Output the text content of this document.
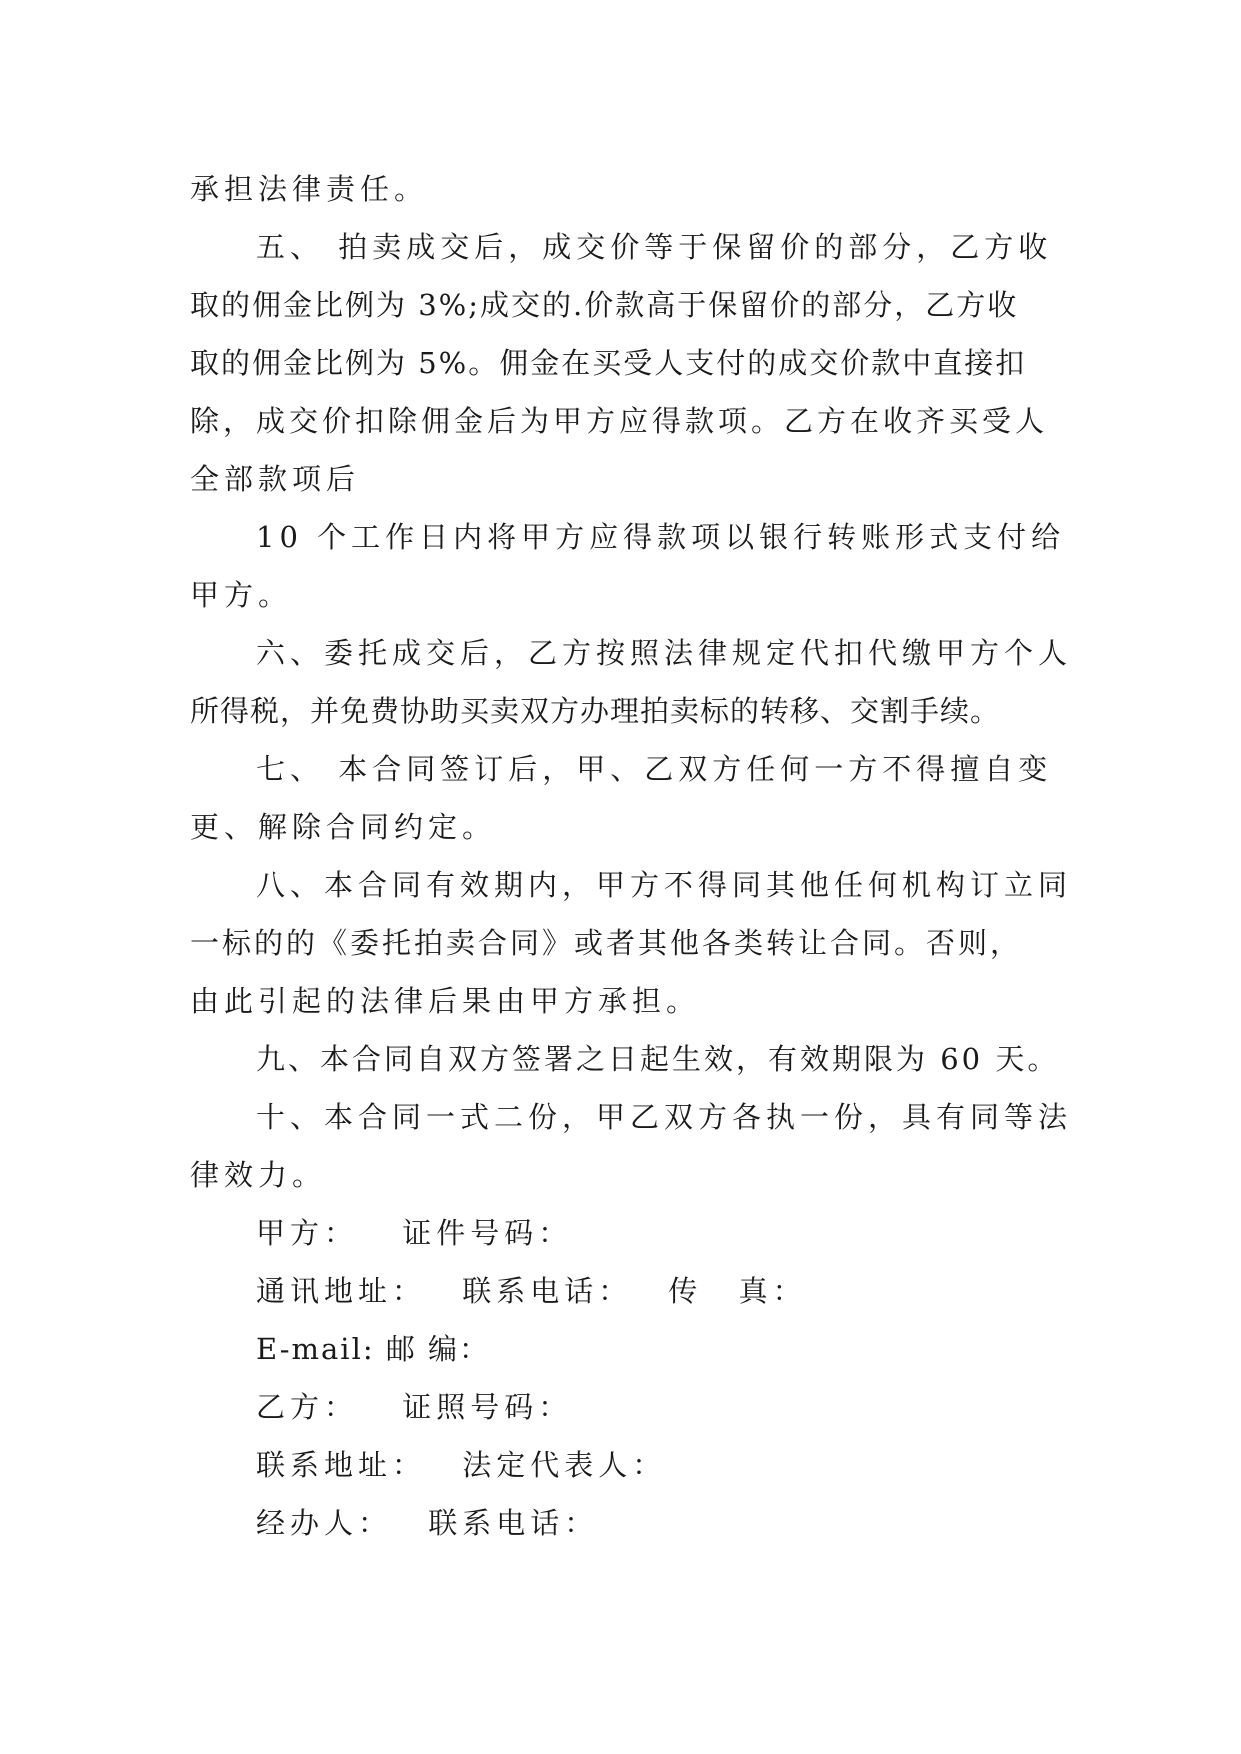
承担法律责任。

五、 拍卖成交后，成交价等于保留价的部分，乙方收

取的佣金比例为 3%;成交的.价款高于保留价的部分，乙方收

取的佣金比例为 5%。佣金在买受人支付的成交价款中直接扣

除，成交价扣除佣金后为甲方应得款项。乙方在收齐买受人

全部款项后

10 个工作日内将甲方应得款项以银行转账形式支付给

甲方。

六、委托成交后，乙方按照法律规定代扣代缴甲方个人

所得税，并免费协助买卖双方办理拍卖标的转移、交割手续。

七、 本合同签订后，甲、乙双方任何一方不得擅自变

更、解除合同约定。

八、本合同有效期内，甲方不得同其他任何机构订立同

一标的的《委托拍卖合同》或者其他各类转让合同。否则，

由此引起的法律后果由甲方承担。

九、本合同自双方签署之日起生效，有效期限为 60 天。

十、本合同一式二份，甲乙双方各执一份，具有同等法

律效力。

甲方： 证件号码：

通讯地址： 联系电话： 传 真：

E-mail: 邮 编：

乙方： 证照号码：

联系地址： 法定代表人：

经办人： 联系电话：
